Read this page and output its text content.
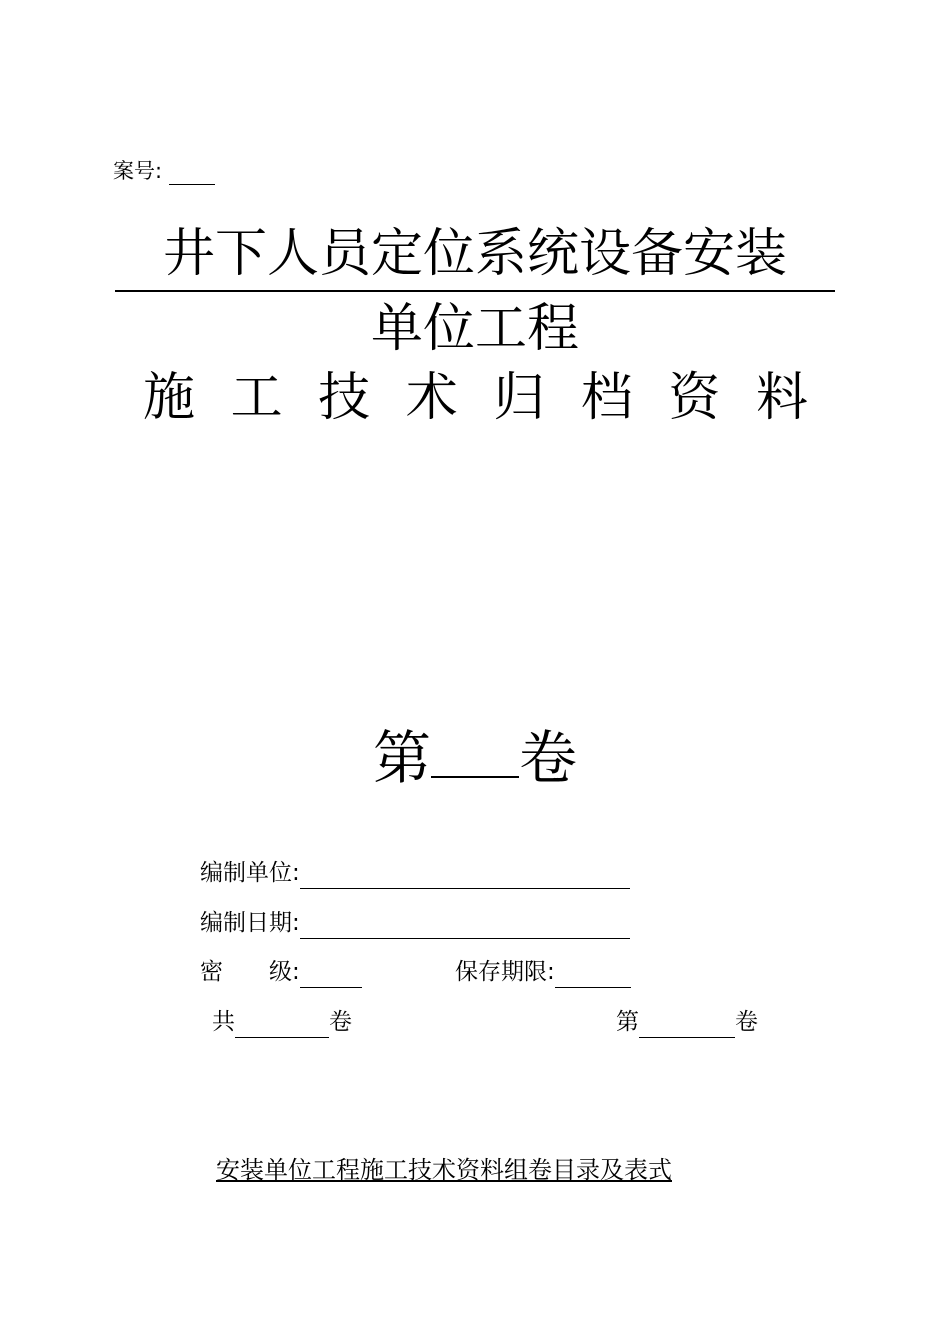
案号:
井下人员定位系统设备安装
单位工程
施 工 技 术 归 档 资 料
第 卷
编制单位:
编制日期:
密　　级:	保存期限:
共	卷	第	卷
安装单位工程施工技术资料组卷目录及表式
